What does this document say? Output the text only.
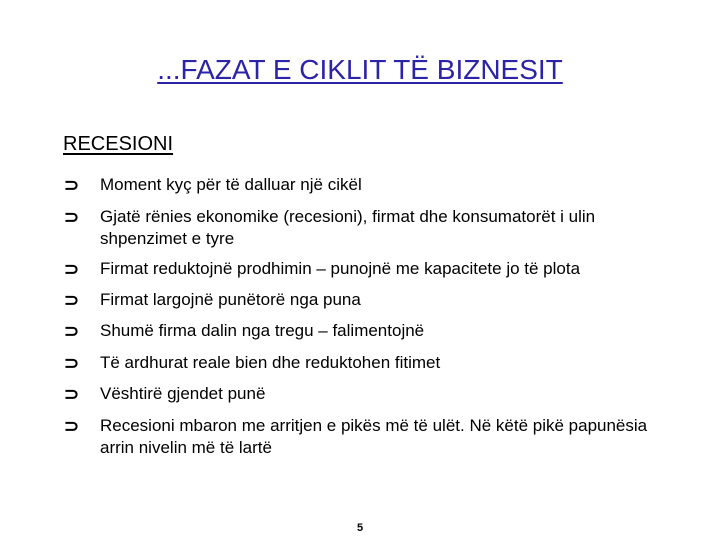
...FAZAT E CIKLIT TË BIZNESIT
RECESIONI
⊃	Moment kyç për të dalluar një cikël
⊃	Gjatë rënies ekonomike (recesioni), firmat dhe konsumatorët i ulin shpenzimet e tyre
⊃	Firmat reduktojnë prodhimin – punojnë me kapacitete jo të plota
⊃	Firmat largojnë punëtorë nga puna
⊃	Shumë firma dalin nga tregu – falimentojnë
⊃	Të ardhurat reale bien dhe reduktohen fitimet
⊃	Vështirë gjendet punë
⊃	Recesioni mbaron me arritjen e pikës më të ulët. Në këtë pikë papunësia arrin nivelin më të lartë
5
